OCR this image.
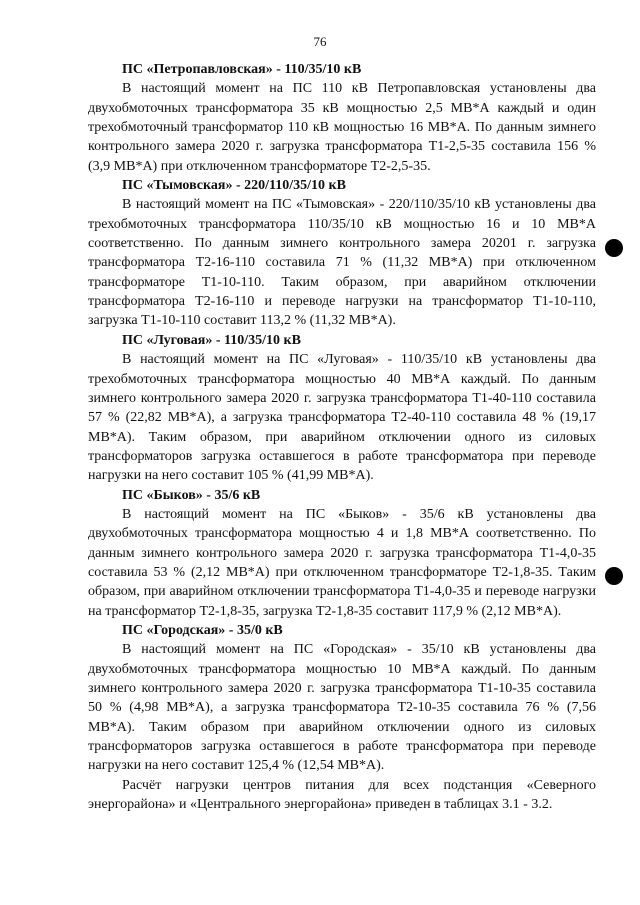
76

ПС «Петропавловская» - 110/35/10 кВ

В настоящий момент на ПС 110 кВ Петропавловская установлены два двухобмоточных трансформатора 35 кВ мощностью 2,5 МВ*А каждый и один трехобмоточный трансформатор 110 кВ мощностью 16 МВ*А. По данным зимнего контрольного замера 2020 г. загрузка трансформатора Т1-2,5-35 составила 156 % (3,9 МВ*А) при отключенном трансформаторе Т2-2,5-35.

ПС «Тымовская» - 220/110/35/10 кВ

В настоящий момент на ПС «Тымовская» - 220/110/35/10 кВ установлены два трехобмоточных трансформатора 110/35/10 кВ мощностью 16 и 10 МВ*А соответственно. По данным зимнего контрольного замера 20201 г. загрузка трансформатора Т2-16-110 составила 71 % (11,32 МВ*А) при отключенном трансформаторе Т1-10-110. Таким образом, при аварийном отключении трансформатора Т2-16-110 и переводе нагрузки на трансформатор Т1-10-110, загрузка Т1-10-110 составит 113,2 % (11,32 МВ*А).

ПС «Луговая» - 110/35/10 кВ

В настоящий момент на ПС «Луговая» - 110/35/10 кВ установлены два трехобмоточных трансформатора мощностью 40 МВ*А каждый. По данным зимнего контрольного замера 2020 г. загрузка трансформатора Т1-40-110 составила 57 % (22,82 МВ*А), а загрузка трансформатора Т2-40-110 составила 48 % (19,17 МВ*А). Таким образом, при аварийном отключении одного из силовых трансформаторов загрузка оставшегося в работе трансформатора при переводе нагрузки на него составит 105 % (41,99 МВ*А).

ПС «Быков» - 35/6 кВ

В настоящий момент на ПС «Быков» - 35/6 кВ установлены два двухобмоточных трансформатора мощностью 4 и 1,8 МВ*А соответственно. По данным зимнего контрольного замера 2020 г. загрузка трансформатора Т1-4,0-35 составила 53 % (2,12 МВ*А) при отключенном трансформаторе Т2-1,8-35. Таким образом, при аварийном отключении трансформатора Т1-4,0-35 и переводе нагрузки на трансформатор Т2-1,8-35, загрузка Т2-1,8-35 составит 117,9 % (2,12 МВ*А).

ПС «Городская» - 35/0 кВ

В настоящий момент на ПС «Городская» - 35/10 кВ установлены два двухобмоточных трансформатора мощностью 10 МВ*А каждый. По данным зимнего контрольного замера 2020 г. загрузка трансформатора Т1-10-35 составила 50 % (4,98 МВ*А), а загрузка трансформатора Т2-10-35 составила 76 % (7,56 МВ*А). Таким образом при аварийном отключении одного из силовых трансформаторов загрузка оставшегося в работе трансформатора при переводе нагрузки на него составит 125,4 % (12,54 МВ*А).

Расчёт нагрузки центров питания для всех подстанция «Северного энергорайона» и «Центрального энергорайона» приведен в таблицах 3.1 - 3.2.
